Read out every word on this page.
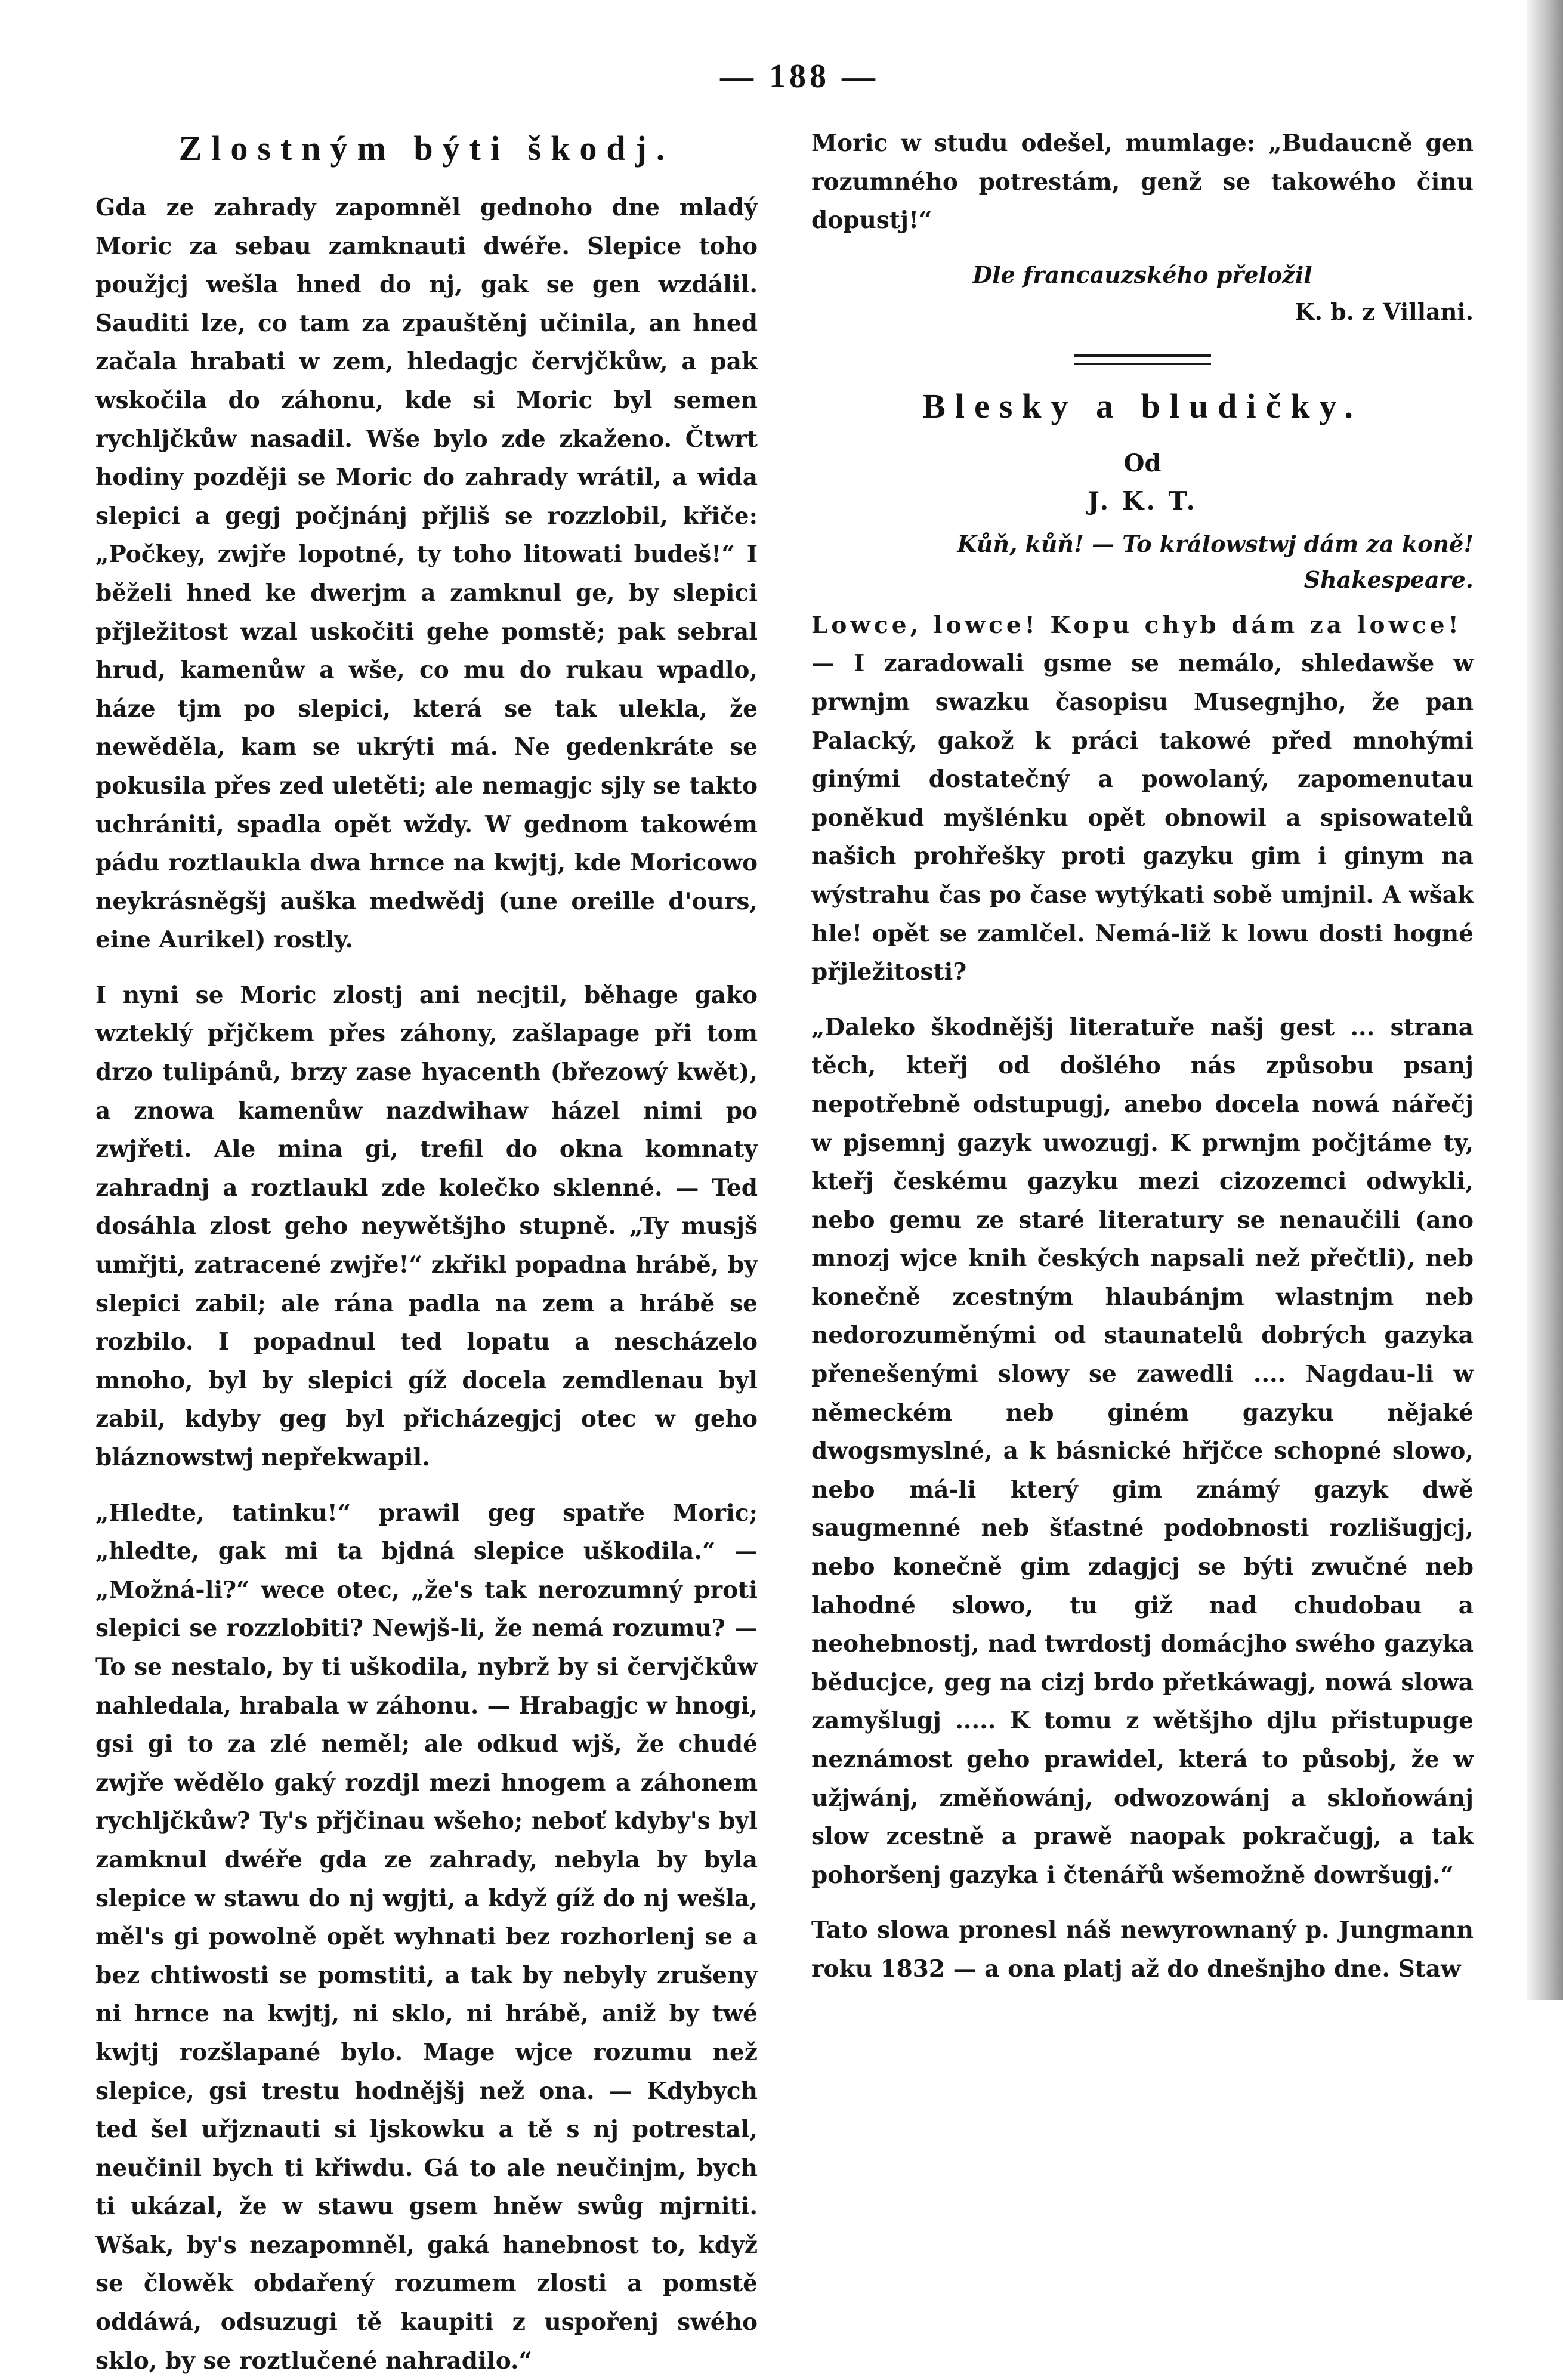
— 188 —
Zlostným býti škodj.

Gda ze zahrady zapomněl gednoho dne mladý Moric za sebau zamknauti dwéře. Slepice toho použjcj wešla hned do nj, gak se gen wzdálil. Sauditi lze, co tam za zpauštěnj učinila, an hned začala hrabati w zem, hledagjc červjčkůw, a pak wskočila do záhonu, kde si Moric byl semen rychljčkůw nasadil. Wše bylo zde zkaženo. Čtwrt hodiny později se Moric do zahrady wrátil, a wida slepici a gegj počjnánj přjliš se rozzlobil, křiče: „Počkey, zwjře lopotné, ty toho litowati budeš!“ I běželi hned ke dwerjm a zamknul ge, by slepici přjležitost wzal uskočiti gehe pomstě; pak sebral hrud, kamenůw a wše, co mu do rukau wpadlo, háze tjm po slepici, která se tak ulekla, že newěděla, kam se ukrýti má. Ne gedenkráte se pokusila přes zed uletěti; ale nemagjc sjly se takto uchrániti, spadla opět wždy. W gednom takowém pádu roztlaukla dwa hrnce na kwjtj, kde Moricowo neykrásněgšj auška medwědj (une oreille d'ours, eine Aurikel) rostly.

I nyni se Moric zlostj ani necjtil, běhage gako wzteklý přjčkem přes záhony, zašlapage při tom drzo tulipánů, brzy zase hyacenth (březowý kwět), a znowa kamenůw nazdwihaw házel nimi po zwjřeti. Ale mina gi, trefil do okna komnaty zahradnj a roztlaukl zde kolečko sklenné. — Ted dosáhla zlost geho neywětšjho stupně. „Ty musjš umřjti, zatracené zwjře!“ zkřikl popadna hrábě, by slepici zabil; ale rána padla na zem a hrábě se rozbilo. I popadnul ted lopatu a nescházelo mnoho, byl by slepici gíž docela zemdlenau byl zabil, kdyby geg byl přicházegjcj otec w geho bláznowstwj nepřekwapil.

„Hledte, tatinku!“ prawil geg spatře Moric; „hledte, gak mi ta bjdná slepice uškodila.“ — „Možná-li?“ wece otec, „že's tak nerozumný proti slepici se rozzlobiti? Newjš-li, že nemá rozumu? — To se nestalo, by ti uškodila, nybrž by si červjčkůw nahledala, hrabala w záhonu. — Hrabagjc w hnogi, gsi gi to za zlé neměl; ale odkud wjš, že chudé zwjře wědělo gaký rozdjl mezi hnogem a záhonem rychljčkůw? Ty's přjčinau wšeho; neboť kdyby's byl zamknul dwéře gda ze zahrady, nebyla by byla slepice w stawu do nj wgjti, a když gíž do nj wešla, měl's gi powolně opět wyhnati bez rozhorlenj se a bez chtiwosti se pomstiti, a tak by nebyly zrušeny ni hrnce na kwjtj, ni sklo, ni hrábě, aniž by twé kwjtj rozšlapané bylo. Mage wjce rozumu než slepice, gsi trestu hodnějšj než ona. — Kdybych ted šel uřjznauti si ljskowku a tě s nj potrestal, neučinil bych ti křiwdu. Gá to ale neučinjm, bych ti ukázal, že w stawu gsem hněw swůg mjrniti. Wšak, by's nezapomněl, gaká hanebnost to, když se člowěk obdařený rozumem zlosti a pomstě oddáwá, odsuzugi tě kaupiti z uspořenj swého sklo, by se roztlučené nahradilo.“

Moric w studu odešel, mumlage: „Budaucně gen rozumného potrestám, genž se takowého činu dopustj!“

Dle francauzského přeložil
K. b. z Villani.
Blesky a bludičky.
Od
J. K. T.
Kůň, kůň! — To králowstwj dám za koně!
Shakespeare.

Lowce, lowce! Kopu chyb dám za lowce!

— I zaradowali gsme se nemálo, shledawše w prwnjm swazku časopisu Musegnjho, že pan Palacký, gakož k práci takowé před mnohými ginými dostatečný a powolaný, zapomenutau poněkud myšlénku opět obnowil a spisowatelů našich prohřešky proti gazyku gim i ginym na wýstrahu čas po čase wytýkati sobě umjnil. A wšak hle! opět se zamlčel. Nemá-liž k lowu dosti hogné přjležitosti?

„Daleko škodnějšj literatuře našj gest ... strana těch, kteřj od došlého nás způsobu psanj nepotřebně odstupugj, anebo docela nowá nářečj w pjsemnj gazyk uwozugj. K prwnjm počjtáme ty, kteřj českému gazyku mezi cizozemci odwykli, nebo gemu ze staré literatury se nenaučili (ano mnozj wjce knih českých napsali než přečtli), neb konečně zcestným hlaubánjm wlastnjm neb nedorozuměnými od staunatelů dobrých gazyka přenešenými slowy se zawedli .... Nagdau-li w německém neb giném gazyku nějaké dwogsmyslné, a k básnické hřjčce schopné slowo, nebo má-li který gim známý gazyk dwě saugmenné neb šťastné podobnosti rozlišugjcj, nebo konečně gim zdagjcj se býti zwučné neb lahodné slowo, tu giž nad chudobau a neohebnostj, nad twrdostj domácjho swého gazyka běducjce, geg na cizj brdo přetkáwagj, nowá slowa zamyšlugj ..... K tomu z wětšjho djlu přistupuge neznámost geho prawidel, která to působj, že w užjwánj, změňowánj, odwozowánj a skloňowánj slow zcestně a prawě naopak pokračugj, a tak pohoršenj gazyka i čtenářů wšemožně dowršugj.“

Tato slowa pronesl náš newyrownaný p. Jungmann roku 1832 — a ona platj až do dnešnjho dne. Staw
